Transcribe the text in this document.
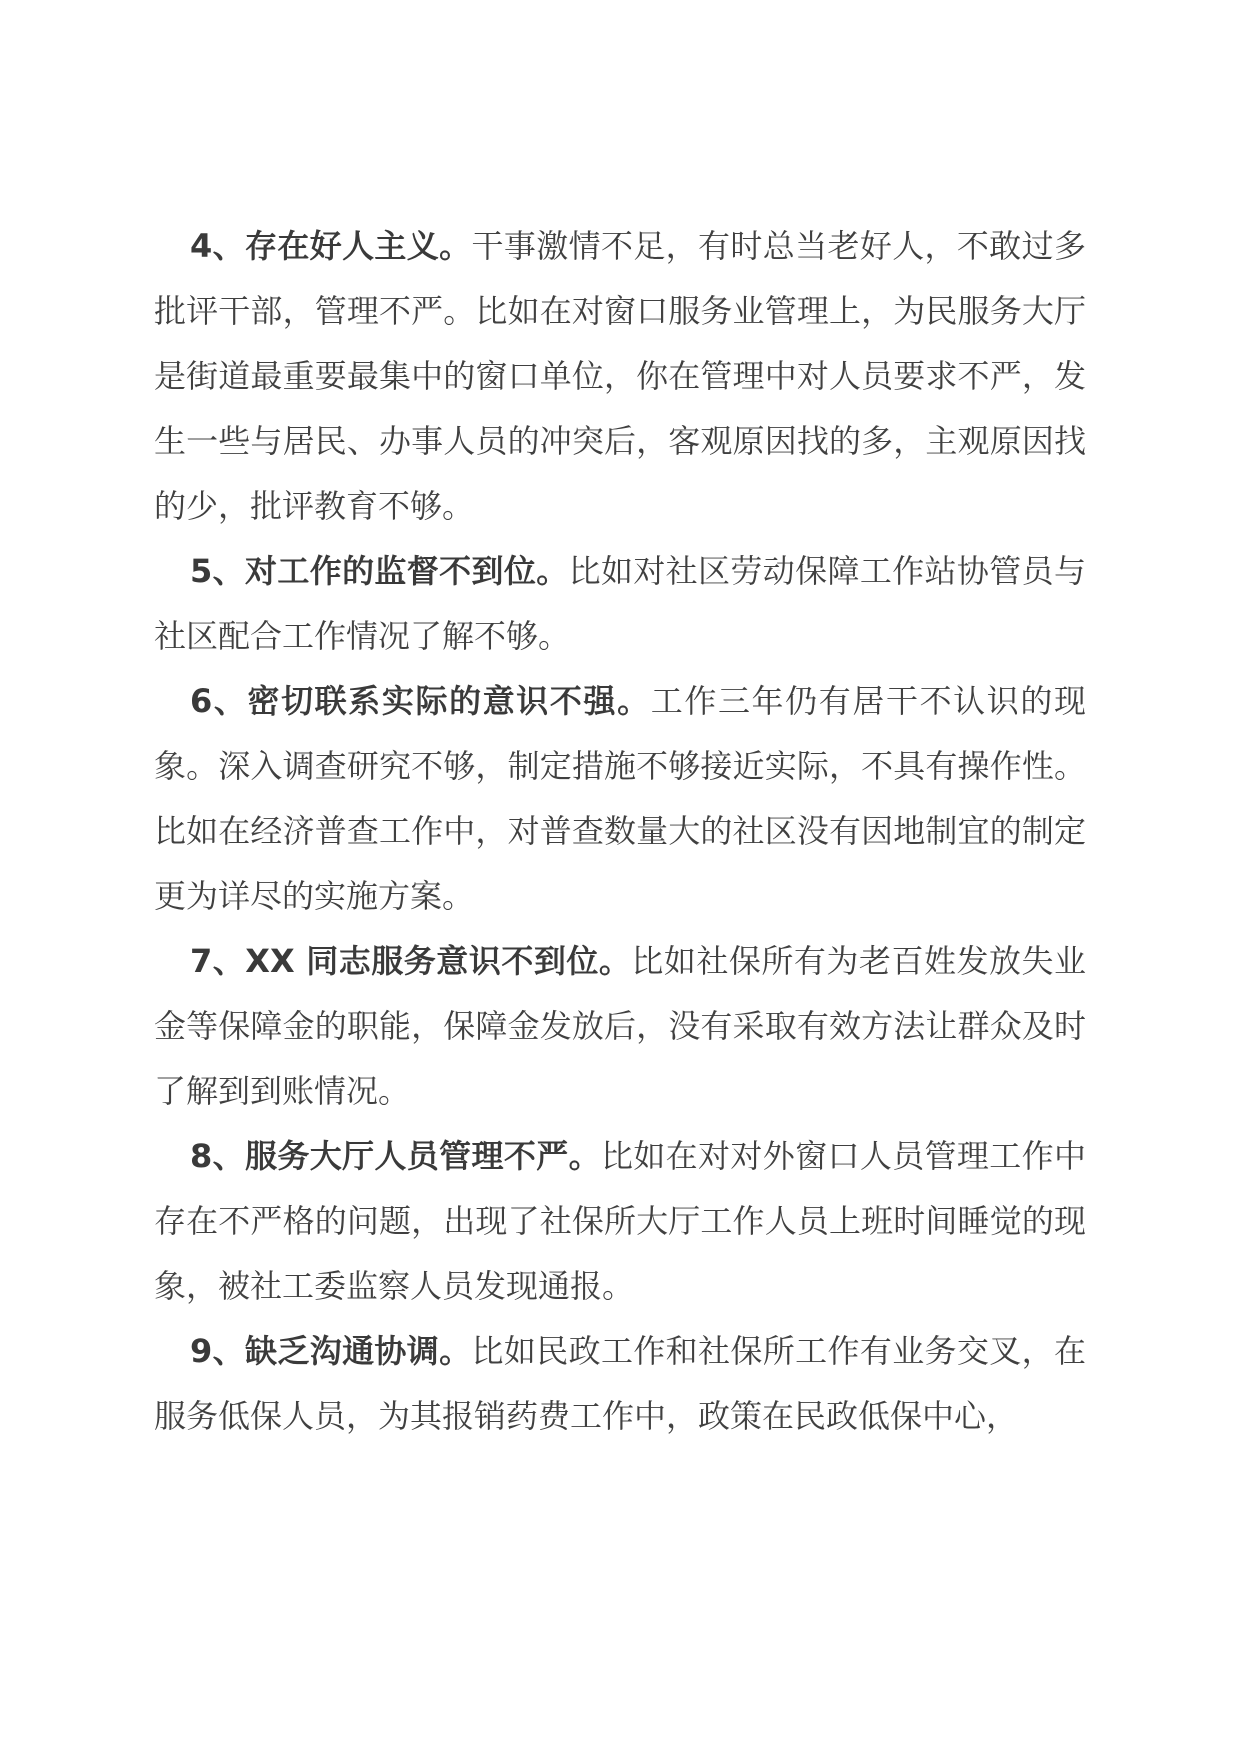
4、存在好人主义。干事激情不足，有时总当老好人，不敢过多批评干部，管理不严。比如在对窗口服务业管理上，为民服务大厅是街道最重要最集中的窗口单位，你在管理中对人员要求不严，发生一些与居民、办事人员的冲突后，客观原因找的多，主观原因找的少，批评教育不够。

5、对工作的监督不到位。比如对社区劳动保障工作站协管员与社区配合工作情况了解不够。

6、密切联系实际的意识不强。工作三年仍有居干不认识的现象。深入调查研究不够，制定措施不够接近实际，不具有操作性。比如在经济普查工作中，对普查数量大的社区没有因地制宜的制定更为详尽的实施方案。

7、XX 同志服务意识不到位。比如社保所有为老百姓发放失业金等保障金的职能，保障金发放后，没有采取有效方法让群众及时了解到到账情况。

8、服务大厅人员管理不严。比如在对对外窗口人员管理工作中存在不严格的问题，出现了社保所大厅工作人员上班时间睡觉的现象，被社工委监察人员发现通报。

9、缺乏沟通协调。比如民政工作和社保所工作有业务交叉，在服务低保人员，为其报销药费工作中，政策在民政低保中心，
